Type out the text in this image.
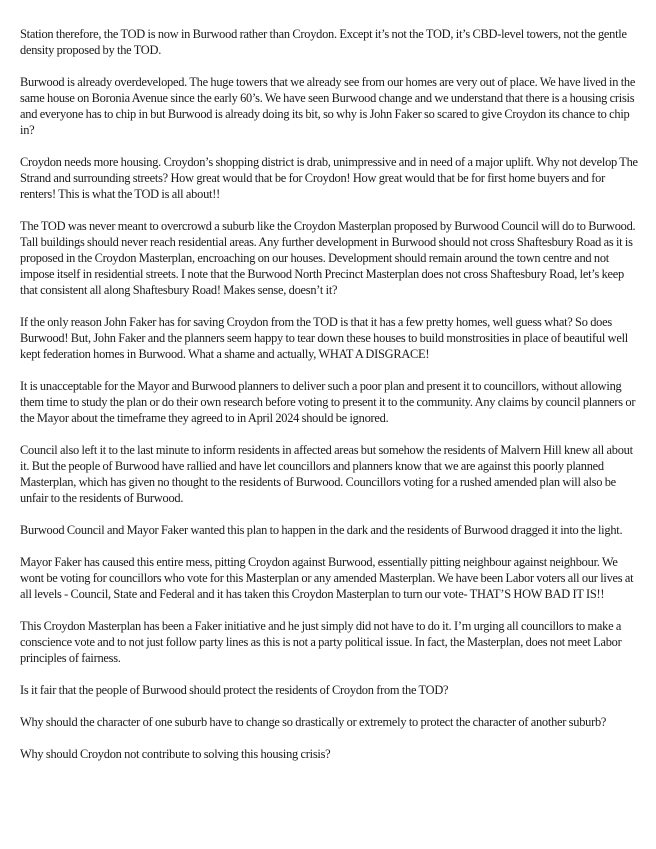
Station therefore, the TOD is now in Burwood rather than Croydon. Except it’s not the TOD, it’s CBD-level towers, not the gentle density proposed by the TOD.

Burwood is already overdeveloped. The huge towers that we already see from our homes are very out of place. We have lived in the same house on Boronia Avenue since the early 60’s. We have seen Burwood change and we understand that there is a housing crisis and everyone has to chip in but Burwood is already doing its bit, so why is John Faker so scared to give Croydon its chance to chip in?

Croydon needs more housing. Croydon’s shopping district is drab, unimpressive and in need of a major uplift. Why not develop The Strand and surrounding streets? How great would that be for Croydon! How great would that be for first home buyers and for renters! This is what the TOD is all about!!

The TOD was never meant to overcrowd a suburb like the Croydon Masterplan proposed by Burwood Council will do to Burwood. Tall buildings should never reach residential areas. Any further development in Burwood should not cross Shaftesbury Road as it is proposed in the Croydon Masterplan, encroaching on our houses. Development should remain around the town centre and not impose itself in residential streets. I note that the Burwood North Precinct Masterplan does not cross Shaftesbury Road, let’s keep that consistent all along Shaftesbury Road! Makes sense, doesn’t it?

If the only reason John Faker has for saving Croydon from the TOD is that it has a few pretty homes, well guess what? So does Burwood! But, John Faker and the planners seem happy to tear down these houses to build monstrosities in place of beautiful well kept federation homes in Burwood. What a shame and actually, WHAT A DISGRACE!

It is unacceptable for the Mayor and Burwood planners to deliver such a poor plan and present it to councillors, without allowing them time to study the plan or do their own research before voting to present it to the community. Any claims by council planners or the Mayor about the timeframe they agreed to in April 2024 should be ignored.

Council also left it to the last minute to inform residents in affected areas but somehow the residents of Malvern Hill knew all about it. But the people of Burwood have rallied and have let councillors and planners know that we are against this poorly planned Masterplan, which has given no thought to the residents of Burwood. Councillors voting for a rushed amended plan will also be unfair to the residents of Burwood.

Burwood Council and Mayor Faker wanted this plan to happen in the dark and the residents of Burwood dragged it into the light.

Mayor Faker has caused this entire mess, pitting Croydon against Burwood, essentially pitting neighbour against neighbour. We wont be voting for councillors who vote for this Masterplan or any amended Masterplan. We have been Labor voters all our lives at all levels - Council, State and Federal and it has taken this Croydon Masterplan to turn our vote- THAT’S HOW BAD IT IS!!

This Croydon Masterplan has been a Faker initiative and he just simply did not have to do it. I’m urging all councillors to make a conscience vote and to not just follow party lines as this is not a party political issue. In fact, the Masterplan, does not meet Labor principles of fairness.

Is it fair that the people of Burwood should protect the residents of Croydon from the TOD?

Why should the character of one suburb have to change so drastically or extremely to protect the character of another suburb?

Why should Croydon not contribute to solving this housing crisis?
